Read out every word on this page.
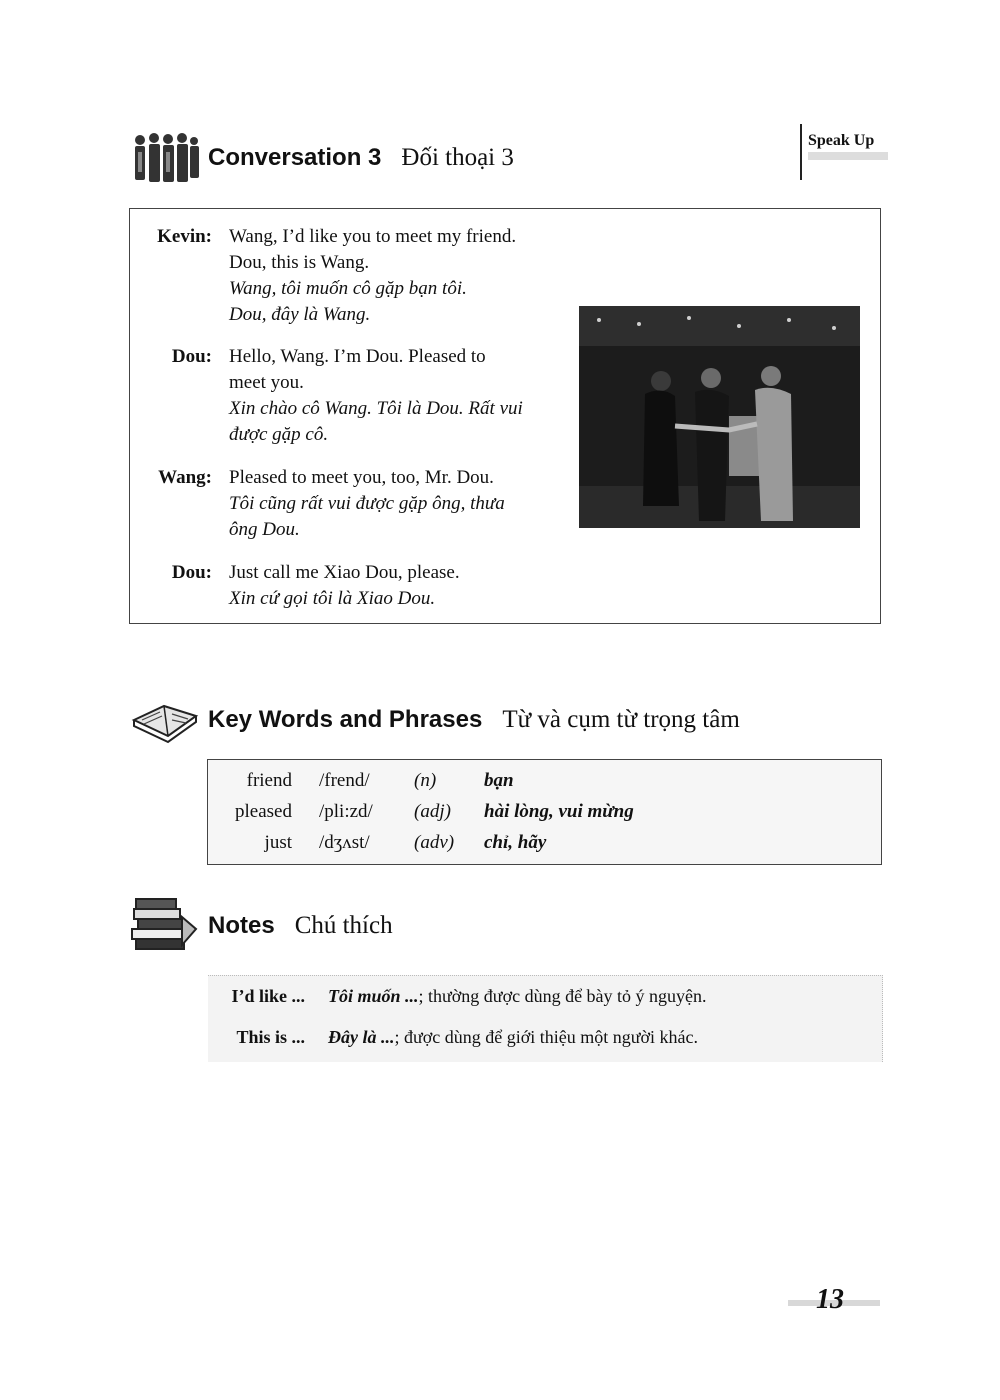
Speak Up
Conversation 3 Đối thoại 3
Kevin: Wang, I’d like you to meet my friend.
Dou, this is Wang.
Wang, tôi muốn cô gặp bạn tôi.
Dou, đây là Wang.
Dou: Hello, Wang. I’m Dou. Pleased to
meet you.
Xin chào cô Wang. Tôi là Dou. Rất vui
được gặp cô.
Wang: Pleased to meet you, too, Mr. Dou.
Tôi cũng rất vui được gặp ông, thưa
ông Dou.
Dou: Just call me Xiao Dou, please.
Xin cứ gọi tôi là Xiao Dou.
Key Words and Phrases Từ và cụm từ trọng tâm
friend /frend/ (n)	bạn
pleased /pli:zd/ (adj) hài lòng, vui mừng
just /dʒʌst/ (adv) chỉ, hãy
Notes Chú thích
I’d like ... Tôi muốn ...; thường được dùng để bày tỏ ý nguyện.
This is ... Đây là ...; được dùng để giới thiệu một người khác.
13
